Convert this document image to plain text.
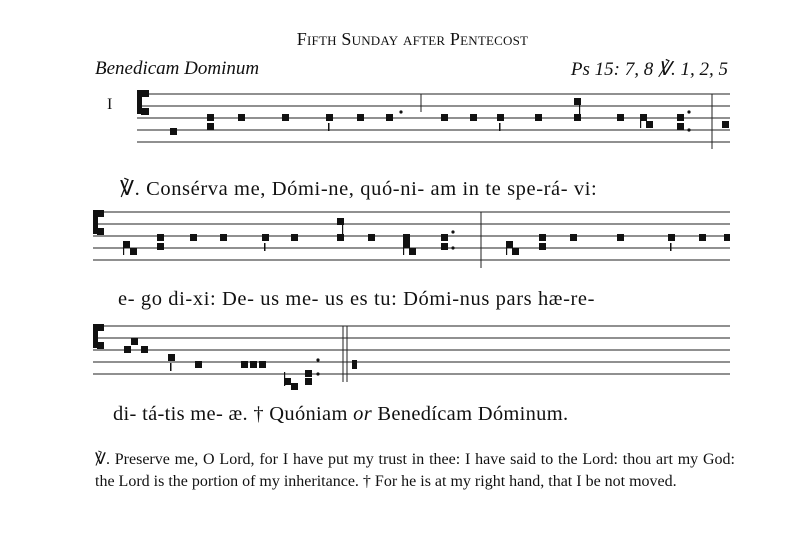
Fifth Sunday after Pentecost
Benedicam Dominum	Ps 15: 7, 8 ℣. 1, 2, 5
I
℣. Consérva me, Dómi-ne, quó-ni- am in te spe-rá- vi:
e- go di-xi: De- us me- us es tu: Dómi-nus pars hæ-re-
di- tá-tis me- æ. † Quóniam or Benedícam Dóminum.
℣. Preserve me, O Lord, for I have put my trust in thee: I have said to the Lord: thou art my God: the Lord is the portion of my inheritance. † For he is at my right hand, that I be not moved.
